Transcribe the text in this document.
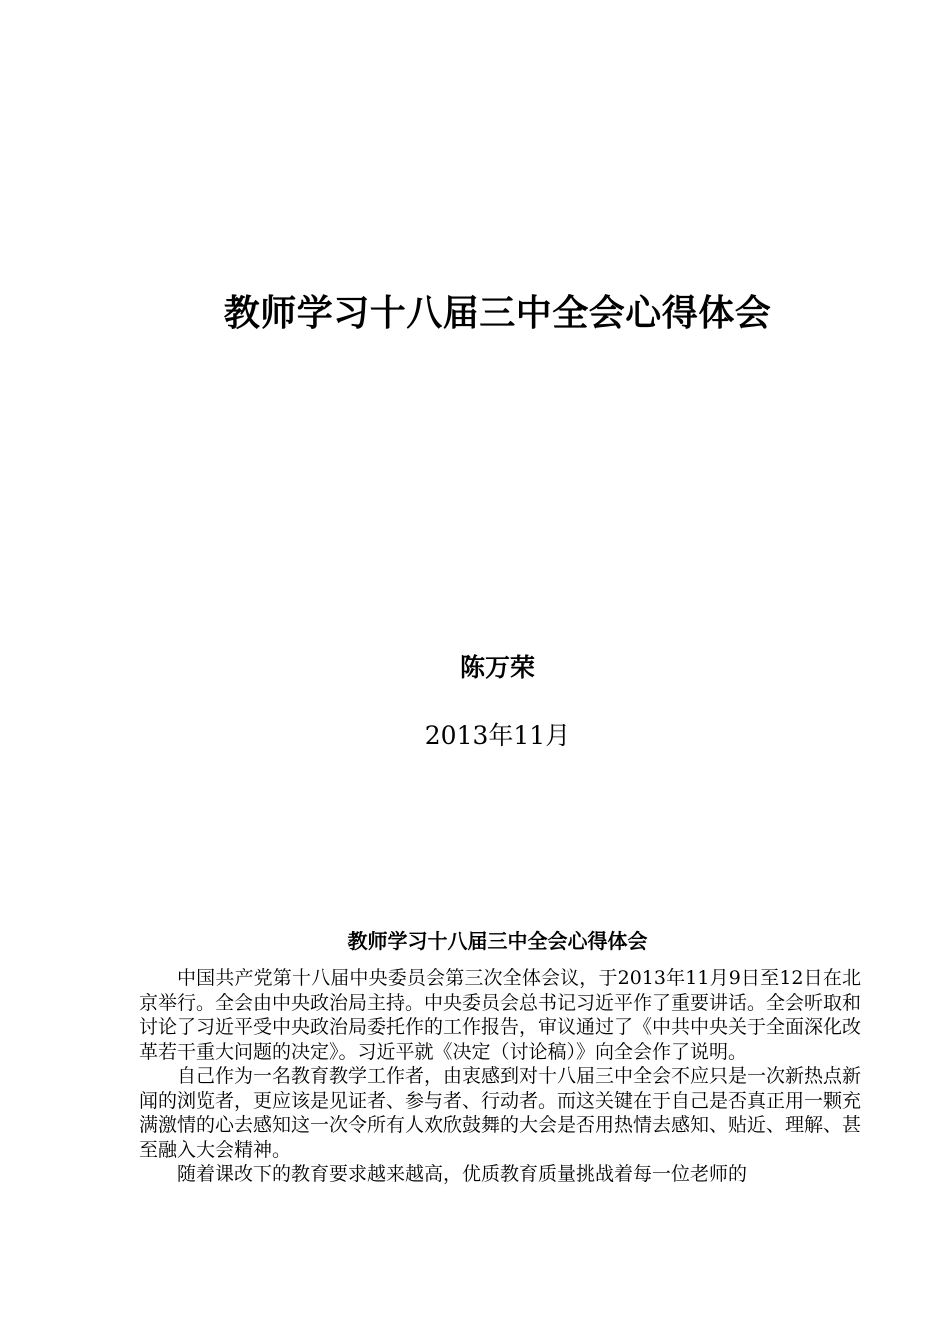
教师学习十八届三中全会心得体会
陈万荣
2013年11月
教师学习十八届三中全会心得体会

中国共产党第十八届中央委员会第三次全体会议，于2013年11月9日至12日在北京举行。全会由中央政治局主持。中央委员会总书记习近平作了重要讲话。全会听取和讨论了习近平受中央政治局委托作的工作报告，审议通过了《中共中央关于全面深化改革若干重大问题的决定》。习近平就《决定（讨论稿）》向全会作了说明。

自己作为一名教育教学工作者，由衷感到对十八届三中全会不应只是一次新热点新闻的浏览者，更应该是见证者、参与者、行动者。而这关键在于自己是否真正用一颗充满激情的心去感知这一次令所有人欢欣鼓舞的大会是否用热情去感知、贴近、理解、甚至融入大会精神。

随着课改下的教育要求越来越高，优质教育质量挑战着每一位老师的
